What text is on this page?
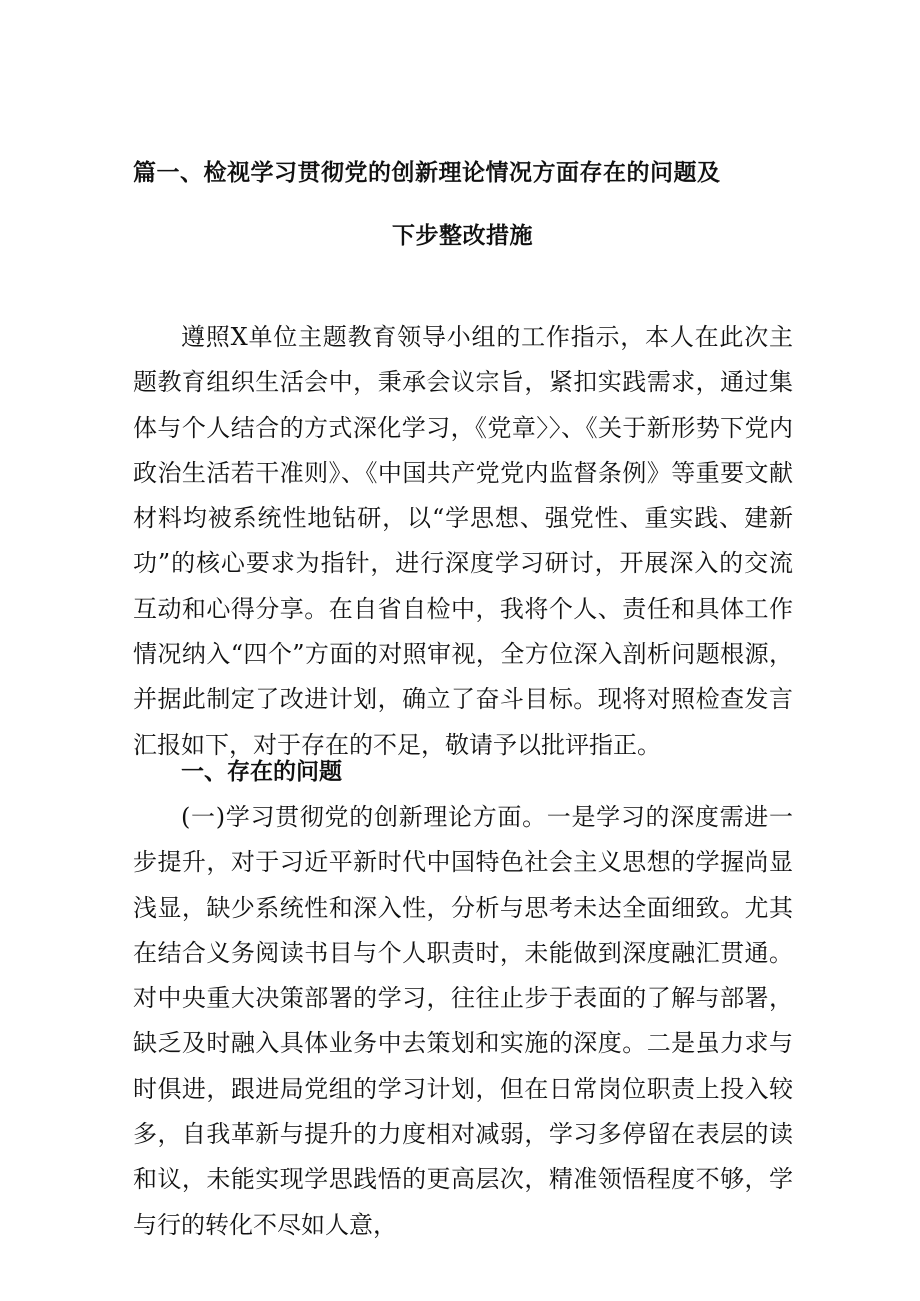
篇一、检视学习贯彻党的创新理论情况方面存在的问题及
下步整改措施
遵照X单位主题教育领导小组的工作指示，本人在此次主题教育组织生活会中，秉承会议宗旨，紧扣实践需求，通过集体与个人结合的方式深化学习，《党章〉〉、《关于新形势下党内政治生活若干准则》、《中国共产党党内监督条例》等重要文献材料均被系统性地钻研，以“学思想、强党性、重实践、建新功”的核心要求为指针，进行深度学习研讨，开展深入的交流互动和心得分享。在自省自检中，我将个人、责任和具体工作情况纳入“四个”方面的对照审视，全方位深入剖析问题根源，并据此制定了改进计划，确立了奋斗目标。现将对照检查发言汇报如下，对于存在的不足，敬请予以批评指正。
一、存在的问题
(一)学习贯彻党的创新理论方面。一是学习的深度需进一步提升，对于习近平新时代中国特色社会主义思想的学握尚显浅显，缺少系统性和深入性，分析与思考未达全面细致。尤其在结合义务阅读书目与个人职责时，未能做到深度融汇贯通。对中央重大决策部署的学习，往往止步于表面的了解与部署，缺乏及时融入具体业务中去策划和实施的深度。二是虽力求与时俱进，跟进局党组的学习计划，但在日常岗位职责上投入较多，自我革新与提升的力度相对减弱，学习多停留在表层的读和议，未能实现学思践悟的更高层次，精准领悟程度不够，学与行的转化不尽如人意，
